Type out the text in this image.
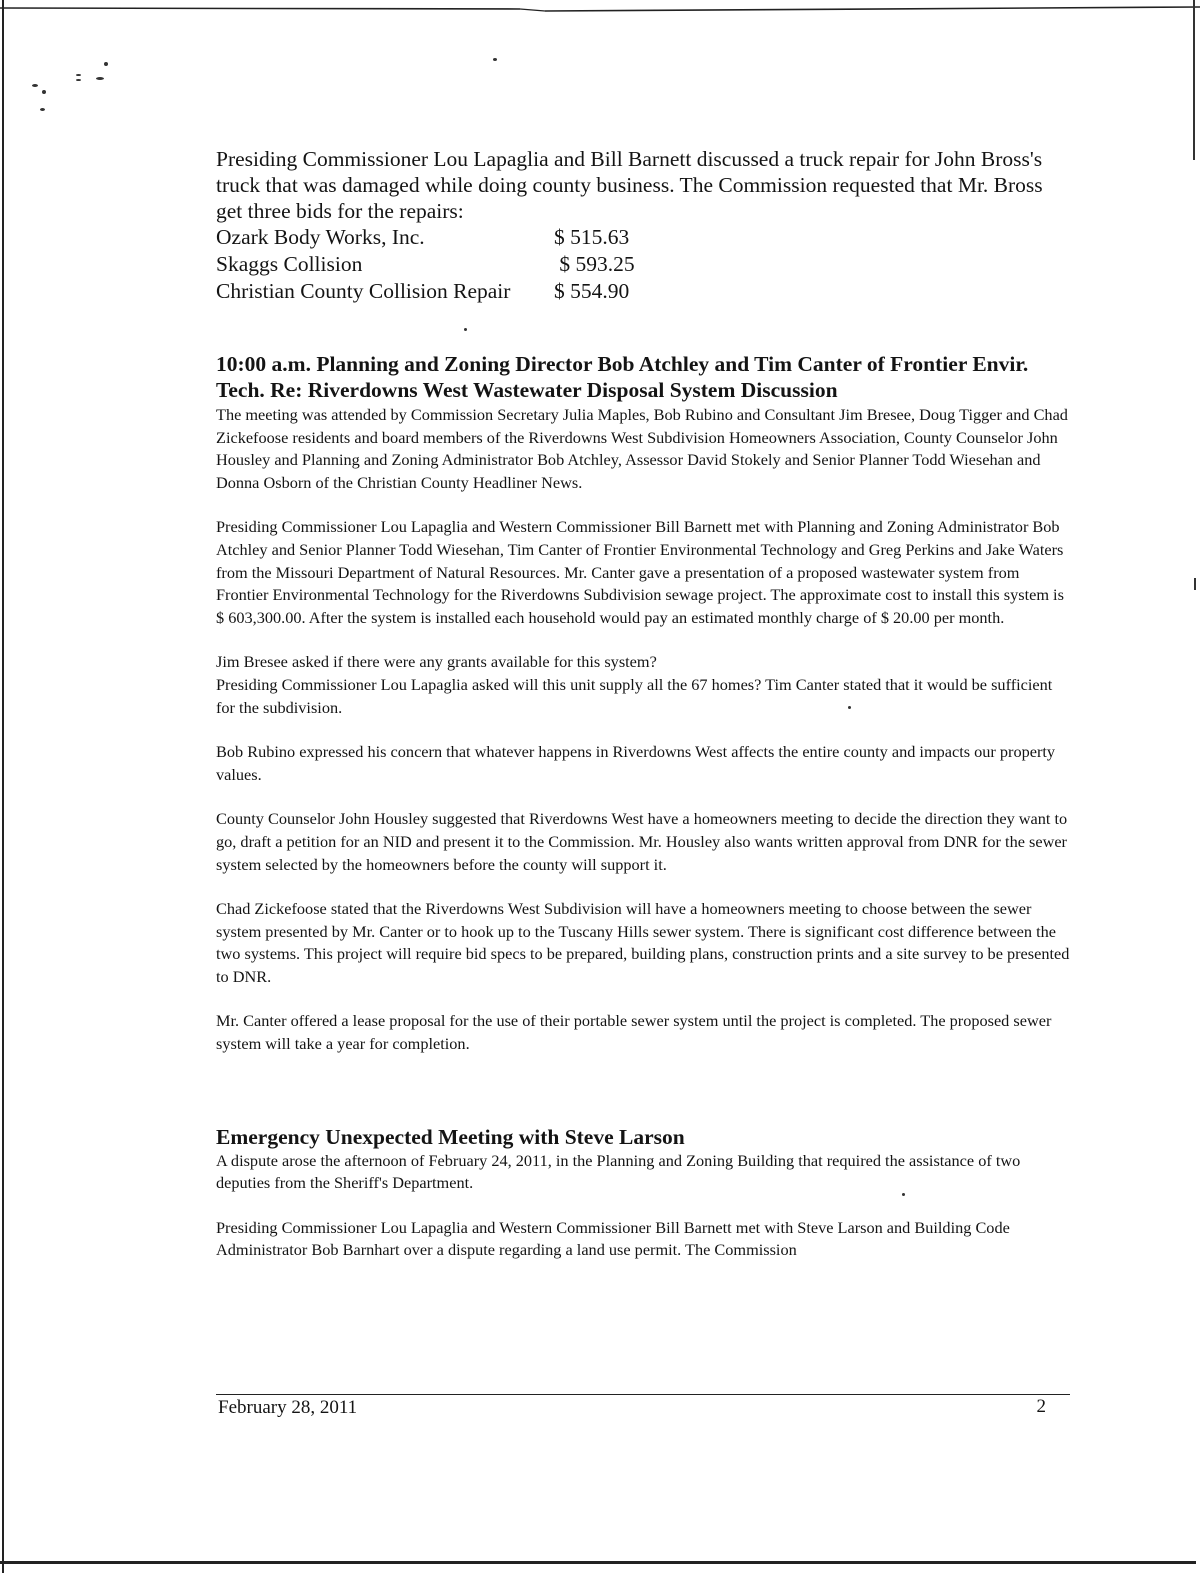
Presiding Commissioner Lou Lapaglia and Bill Barnett discussed a truck repair for John Bross's truck that was damaged while doing county business. The Commission requested that Mr. Bross get three bids for the repairs:

Ozark Body Works, Inc.	$ 515.63
Skaggs Collision	$ 593.25
Christian County Collision Repair	$ 554.90
10:00 a.m. Planning and Zoning Director Bob Atchley and Tim Canter of Frontier Envir. Tech. Re: Riverdowns West Wastewater Disposal System Discussion

The meeting was attended by Commission Secretary Julia Maples, Bob Rubino and Consultant Jim Bresee, Doug Tigger and Chad Zickefoose residents and board members of the Riverdowns West Subdivision Homeowners Association, County Counselor John Housley and Planning and Zoning Administrator Bob Atchley, Assessor David Stokely and Senior Planner Todd Wiesehan and Donna Osborn of the Christian County Headliner News.

Presiding Commissioner Lou Lapaglia and Western Commissioner Bill Barnett met with Planning and Zoning Administrator Bob Atchley and Senior Planner Todd Wiesehan, Tim Canter of Frontier Environmental Technology and Greg Perkins and Jake Waters from the Missouri Department of Natural Resources. Mr. Canter gave a presentation of a proposed wastewater system from Frontier Environmental Technology for the Riverdowns Subdivision sewage project. The approximate cost to install this system is $ 603,300.00. After the system is installed each household would pay an estimated monthly charge of $ 20.00 per month.

Jim Bresee asked if there were any grants available for this system?

Presiding Commissioner Lou Lapaglia asked will this unit supply all the 67 homes? Tim Canter stated that it would be sufficient for the subdivision.

Bob Rubino expressed his concern that whatever happens in Riverdowns West affects the entire county and impacts our property values.

County Counselor John Housley suggested that Riverdowns West have a homeowners meeting to decide the direction they want to go, draft a petition for an NID and present it to the Commission. Mr. Housley also wants written approval from DNR for the sewer system selected by the homeowners before the county will support it.

Chad Zickefoose stated that the Riverdowns West Subdivision will have a homeowners meeting to choose between the sewer system presented by Mr. Canter or to hook up to the Tuscany Hills sewer system. There is significant cost difference between the two systems. This project will require bid specs to be prepared, building plans, construction prints and a site survey to be presented to DNR.

Mr. Canter offered a lease proposal for the use of their portable sewer system until the project is completed. The proposed sewer system will take a year for completion.

Emergency Unexpected Meeting with Steve Larson

A dispute arose the afternoon of February 24, 2011, in the Planning and Zoning Building that required the assistance of two deputies from the Sheriff's Department.

Presiding Commissioner Lou Lapaglia and Western Commissioner Bill Barnett met with Steve Larson and Building Code Administrator Bob Barnhart over a dispute regarding a land use permit. The Commission

February 28, 2011	2
